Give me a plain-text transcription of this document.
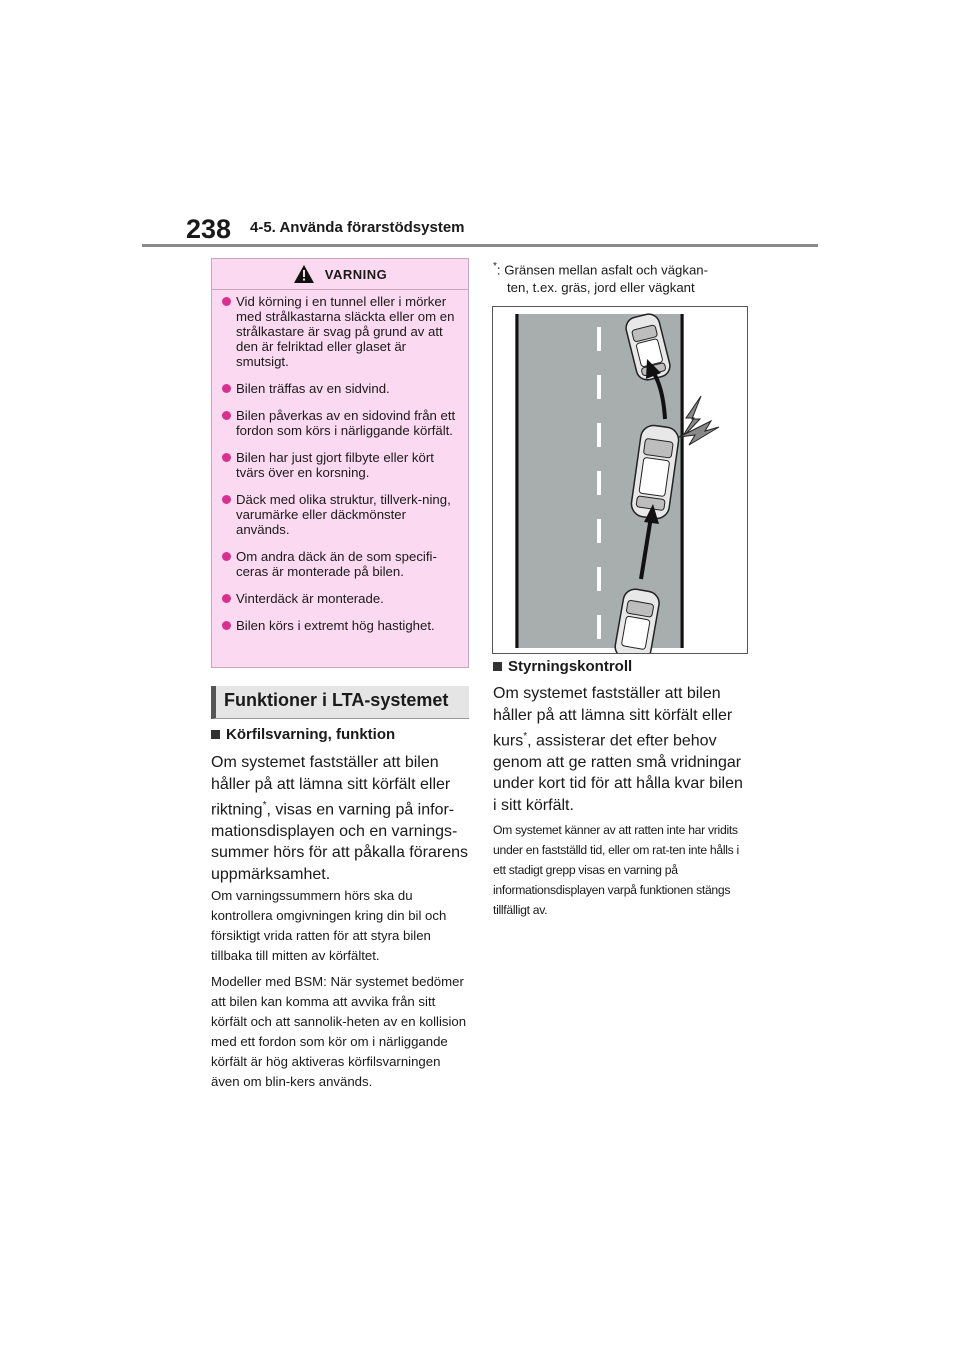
238 4-5. Använda förarstödsystem
VARNING
Vid körning i en tunnel eller i mörker med strålkastarna släckta eller om en strålkastare är svag på grund av att den är felriktad eller glaset är smutsigt.
Bilen träffas av en sidvind.
Bilen påverkas av en sidovind från ett fordon som körs i närliggande körfält.
Bilen har just gjort filbyte eller kört tvärs över en korsning.
Däck med olika struktur, tillverk-ning, varumärke eller däckmönster används.
Om andra däck än de som specifi-ceras är monterade på bilen.
Vinterdäck är monterade.
Bilen körs i extremt hög hastighet.
Funktioner i LTA-systemet
Körfilsvarning, funktion
Om systemet fastställer att bilen håller på att lämna sitt körfält eller riktning*, visas en varning på infor-mationsdisplayen och en varnings-summer hörs för att påkalla förarens uppmärksamhet.
Om varningssummern hörs ska du kontrollera omgivningen kring din bil och försiktigt vrida ratten för att styra bilen tillbaka till mitten av körfältet.
Modeller med BSM: När systemet bedömer att bilen kan komma att avvika från sitt körfält och att sannolik-heten av en kollision med ett fordon som kör om i närliggande körfält är hög aktiveras körfilsvarningen även om blin-kers används.
*: Gränsen mellan asfalt och vägkan-
ten, t.ex. gräs, jord eller vägkant
Styrningskontroll
Om systemet fastställer att bilen håller på att lämna sitt körfält eller kurs*, assisterar det efter behov genom att ge ratten små vridningar under kort tid för att hålla kvar bilen i sitt körfält.
Om systemet känner av att ratten inte har vridits under en fastställd tid, eller om rat-ten inte hålls i ett stadigt grepp visas en varning på informationsdisplayen varpå funktionen stängs tillfälligt av.
